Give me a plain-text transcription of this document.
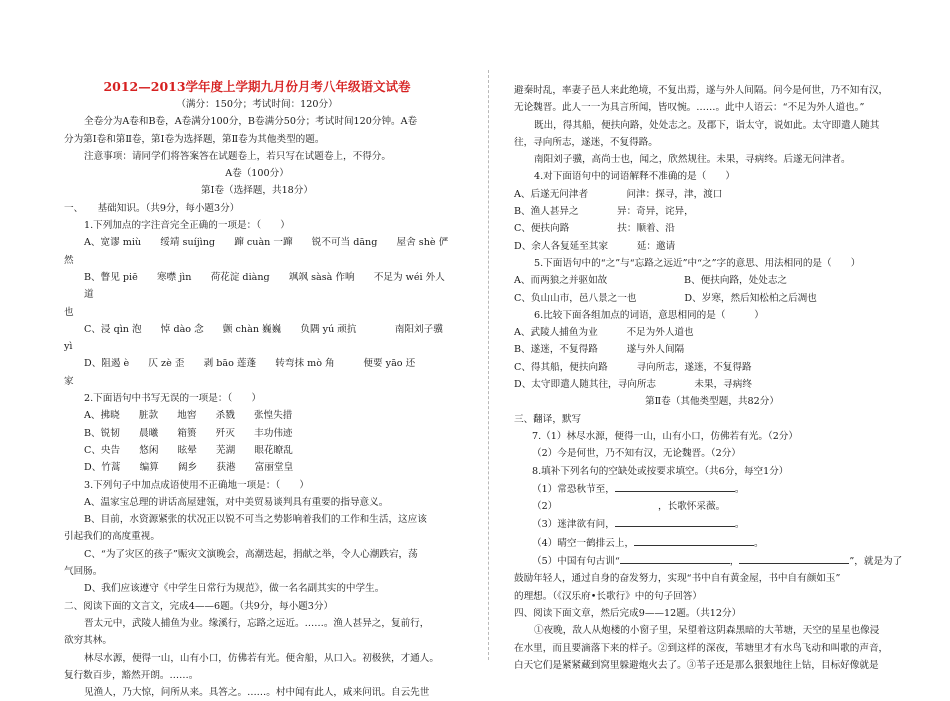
2012—2013学年度上学期九月份月考八年级语文试卷

（满分：150分；考试时间：120分）

全卷分为A卷和B卷，A卷满分100分，B卷满分50分；考试时间120分钟。A卷

分为第Ⅰ卷和第Ⅱ卷，第Ⅰ卷为选择题，第Ⅱ卷为其他类型的题。

注意事项：请同学们将答案答在试题卷上，若只写在试题卷上，不得分。

A卷（100分）

第Ⅰ卷（选择题，共18分）

一、　　基础知识。（共9分，每小题3分）

1.下列加点的字注音完全正确的一项是：（　　）

A、宽谬 miù　　绥靖 suíjìng　　蹿 cuàn 一蹿　　锐不可当 dāng　　屋舍 shè 俨

然

B、瞥见 piē　　寒噤 jìn　　荷花淀 diàng　　飒飒 sàsà 作响　　不足为 wéi 外人道

也

C、浸 qìn 泡　　悼 dào 念　　颤 chàn 巍巍　　负隅 yú 顽抗　　　　南阳刘子骥

yì

D、阻遏 è　　仄 zè 歪　　剥 bāo 莲蓬　　转弯抹 mò 角　　　便要 yāo 还

家

2.下面语句中书写无误的一项是：（　　）

A、拂晓　　脏款　　地窖　　杀戮　　张惶失措

B、锐韧　　晨曦　　箱篑　　歼灭　　丰功伟迹

C、央告　　悠闲　　眩晕　　芜湖　　眼花瞭乱

D、竹蒿　　编算　　阔乡　　获港　　富丽堂皇

3.下列句子中加点成语使用不正确地一项是：（　　）

A、温家宝总理的讲话高屋建瓴，对中美贸易谈判具有重要的指导意义。

B、目前，水资源紧张的状况正以锐不可当之势影响着我们的工作和生活，这应该

引起我们的高度重视。

C、“为了灾区的孩子”赈灾文演晚会，高潮迭起，捐献之举，令人心潮跌宕，荡

气回肠。

D、我们应该遵守《中学生日常行为规范》，做一名名副其实的中学生。

二、阅读下面的文言文，完成4——6题。（共9分，每小题3分）

晋太元中，武陵人捕鱼为业。缘溪行，忘路之远近。……。渔人甚异之，复前行，

欲穷其林。

林尽水源，便得一山，山有小口，仿佛若有光。便舍船，从口入。初极狭，才通人。

复行数百步，豁然开朗。……。

见渔人，乃大惊，问所从来。具答之。……。村中闻有此人，咸来问讯。自云先世

避秦时乱，率妻子邑人来此绝境，不复出焉，遂与外人间隔。问今是何世，乃不知有汉，

无论魏晋。此人一一为具言所闻，皆叹惋。……。此中人语云：“不足为外人道也。”

既出，得其船，便扶向路，处处志之。及郡下，诣太守，说如此。太守即遣人随其

往，寻向所志，遂迷，不复得路。

南阳刘子骥，高尚士也，闻之，欣然规往。未果，寻病终。后遂无问津者。

4.对下面语句中的词语解释不准确的是（　　）

A、后遂无问津者　　　　问津：探寻，津，渡口

B、渔人甚异之　　　　异：奇异，诧异，

C、便扶向路　　　　　扶：顺着、沿

D、余人各复延至其家　　　延：邀请

5.下面语句中的“之”与“忘路之远近”中“之”字的意思、用法相同的是（　　）

A、而两狼之并驱如故　　　　　　　　B、便扶向路，处处志之

C、负山山市，邑八景之一也　　　　　D、岁寒，然后知松柏之后凋也

6.比较下面各组加点的词语，意思相同的是（　　　）

A、武陵人捕鱼为业　　　不足为外人道也

B、遂迷，不复得路　　　遂与外人间隔

C、得其船，便扶向路　　　寻向所志，遂迷，不复得路

D、太守即遣人随其往，寻向所志　　　　未果，寻病终

第Ⅱ卷（其他类型题，共82分）

三、翻译，默写

7.（1）林尽水源，便得一山，山有小口，仿佛若有光。（2分）

（2）今是何世，乃不知有汉，无论魏晋。（2分）

8.填补下列名句的空缺处或按要求填空。（共6分，每空1分）

（1）常恐秋节至，	。

（2）　　　　　　　　　　　，长歌怀采薇。

（3）迷津欲有问，	。

（4）晴空一鹤排云上，	。

（5）中国有句古训“	，	”，就是为了

鼓励年轻人，通过自身的奋发努力，实现“书中自有黄金屋，书中自有颜如玉”

的理想。（《汉乐府•长歌行》中的句子回答）

四、阅读下面文章，然后完成9——12题。（共12分）

①夜晚，敌人从炮楼的小窗子里，呆望着这阴森黑暗的大苇塘，天空的星星也像浸

在水里，而且要滴落下来的样子。②到这样的深夜，苇塘里才有水鸟飞动和叫歌的声音，

白天它们是紧紧藏到窝里躲避炮火去了。③苇子还是那么狠狠地往上钻，目标好像就是
